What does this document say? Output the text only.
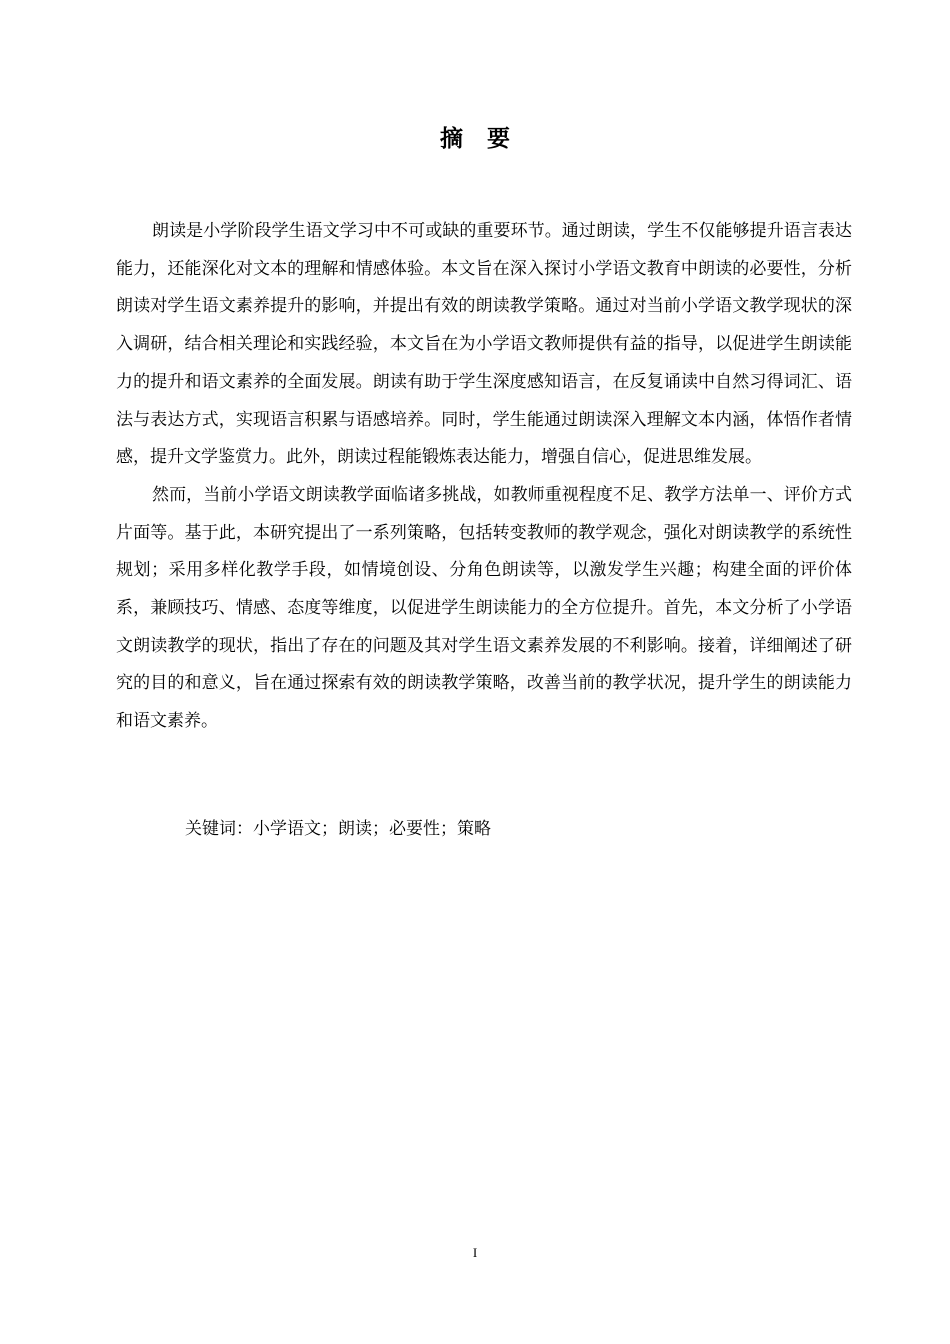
摘要

朗读是小学阶段学生语文学习中不可或缺的重要环节。通过朗读，学生不仅能够提升语言表达能力，还能深化对文本的理解和情感体验。本文旨在深入探讨小学语文教育中朗读的必要性，分析朗读对学生语文素养提升的影响，并提出有效的朗读教学策略。通过对当前小学语文教学现状的深入调研，结合相关理论和实践经验，本文旨在为小学语文教师提供有益的指导，以促进学生朗读能力的提升和语文素养的全面发展。朗读有助于学生深度感知语言，在反复诵读中自然习得词汇、语法与表达方式，实现语言积累与语感培养。同时，学生能通过朗读深入理解文本内涵，体悟作者情感，提升文学鉴赏力。此外，朗读过程能锻炼表达能力，增强自信心，促进思维发展。

然而，当前小学语文朗读教学面临诸多挑战，如教师重视程度不足、教学方法单一、评价方式片面等。基于此，本研究提出了一系列策略，包括转变教师的教学观念，强化对朗读教学的系统性规划；采用多样化教学手段，如情境创设、分角色朗读等，以激发学生兴趣；构建全面的评价体系，兼顾技巧、情感、态度等维度，以促进学生朗读能力的全方位提升。首先，本文分析了小学语文朗读教学的现状，指出了存在的问题及其对学生语文素养发展的不利影响。接着，详细阐述了研究的目的和意义，旨在通过探索有效的朗读教学策略，改善当前的教学状况，提升学生的朗读能力和语文素养。

关键词：小学语文；朗读；必要性；策略
I
